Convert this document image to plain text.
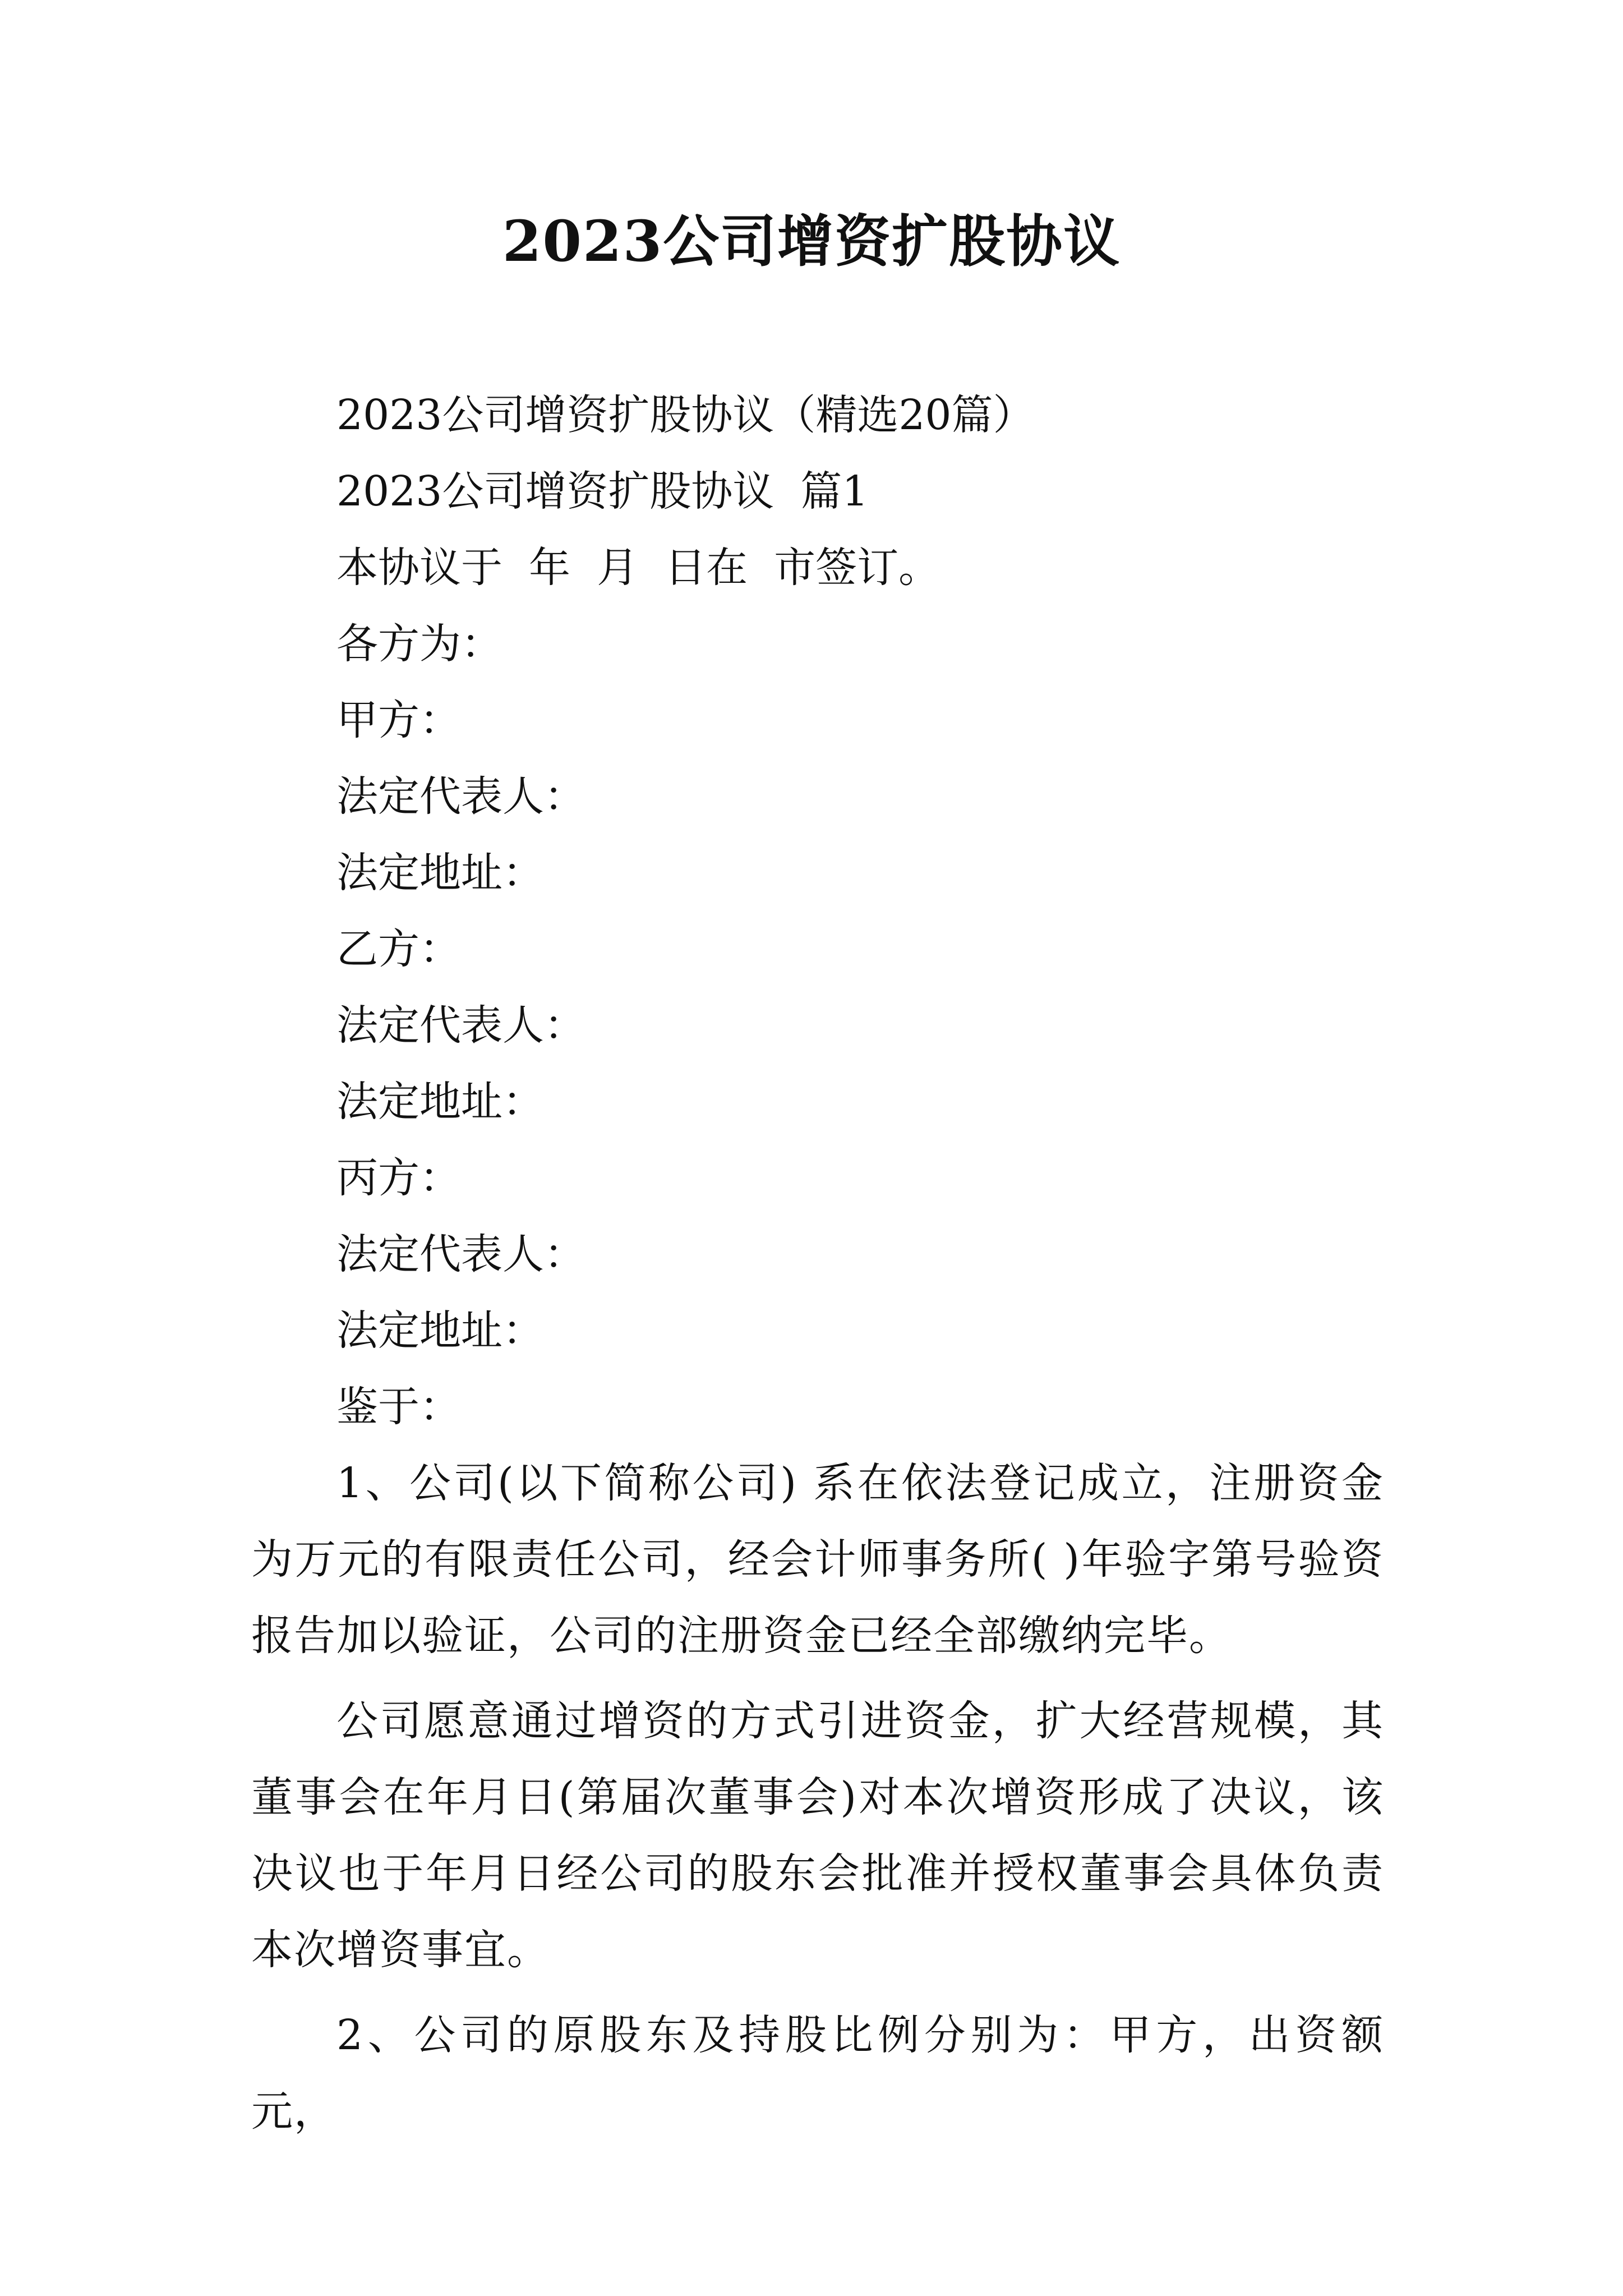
2023公司增资扩股协议

2023公司增资扩股协议（精选20篇）

2023公司增资扩股协议  篇1

本协议于  年  月  日在  市签订。

各方为：

甲方：

法定代表人：

法定地址：

乙方：

法定代表人：

法定地址：

丙方：

法定代表人：

法定地址：

鉴于：

1、公司(以下简称公司) 系在依法登记成立，注册资金为万元的有限责任公司，经会计师事务所( )年验字第号验资报告加以验证，公司的注册资金已经全部缴纳完毕。

公司愿意通过增资的方式引进资金，扩大经营规模，其董事会在年月日(第届次董事会)对本次增资形成了决议，该决议也于年月日经公司的股东会批准并授权董事会具体负责本次增资事宜。

2、公司的原股东及持股比例分别为：甲方，出资额元，
